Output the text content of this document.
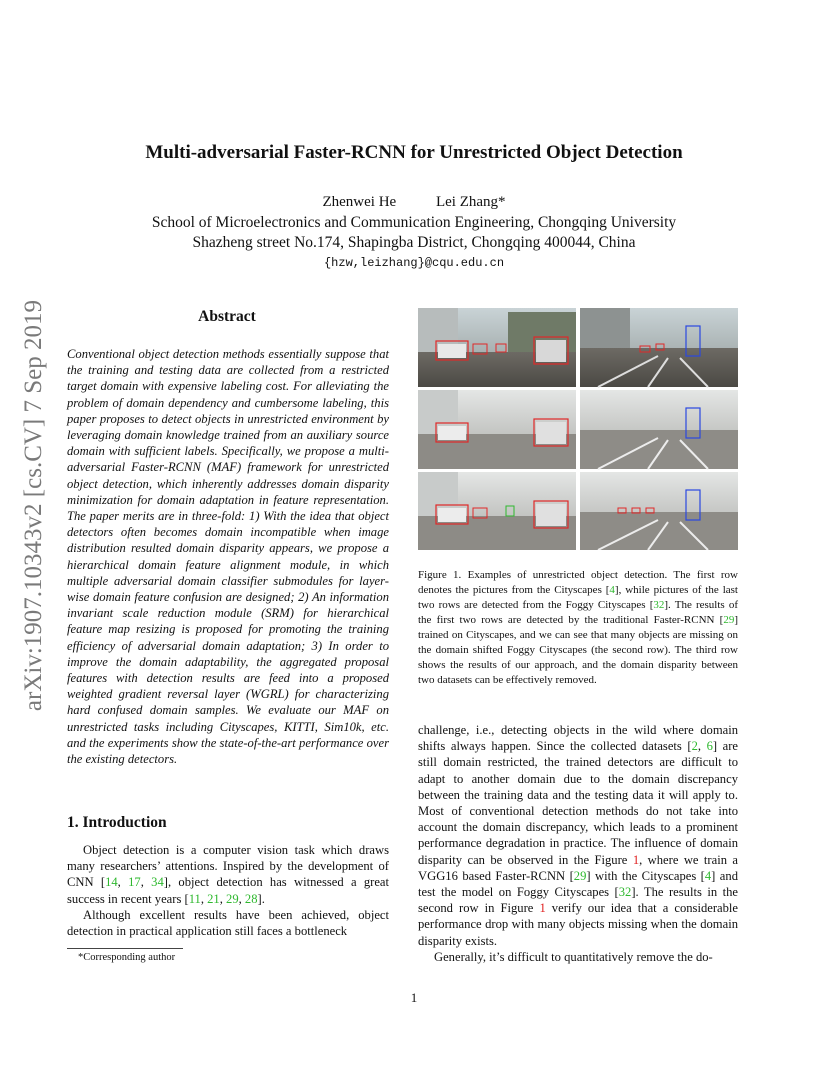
Multi-adversarial Faster-RCNN for Unrestricted Object Detection
Zhenwei He	Lei Zhang*
School of Microelectronics and Communication Engineering, Chongqing University
Shazheng street No.174, Shapingba District, Chongqing 400044, China
{hzw,leizhang}@cqu.edu.cn
arXiv:1907.10343v2 [cs.CV] 7 Sep 2019	Abstract
Conventional object detection methods essentially suppose that the training and testing data are collected from a restricted target domain with expensive labeling cost. For alleviating the problem of domain dependency and cumbersome labeling, this paper proposes to detect objects in unrestricted environment by leveraging domain knowledge trained from an auxiliary source domain with sufficient labels. Specifically, we propose a multi-adversarial Faster-RCNN (MAF) framework for unrestricted object detection, which inherently addresses domain disparity minimization for domain adaptation in feature representation. The paper merits are in three-fold: 1) With the idea that object detectors often becomes domain incompatible when image distribution resulted domain disparity appears, we propose a hierarchical domain feature alignment module, in which multiple adversarial domain classifier submodules for layer-wise domain feature confusion are designed; 2) An information invariant scale reduction module (SRM) for hierarchical feature map resizing is proposed for promoting the training efficiency of adversarial domain adaptation; 3) In order to improve the domain adaptability, the aggregated proposal features with detection results are feed into a proposed weighted gradient reversal layer (WGRL) for characterizing hard confused domain samples. We evaluate our MAF on unrestricted tasks including Cityscapes, KITTI, Sim10k, etc. and the experiments show the state-of-the-art performance over the existing detectors.
1. Introduction
Object detection is a computer vision task which draws many researchers’ attentions. Inspired by the development of CNN [14, 17, 34], object detection has witnessed a great success in recent years [11, 21, 29, 28].
Although excellent results have been achieved, object detection in practical application still faces a bottleneck
*Corresponding author
1
Figure 1. Examples of unrestricted object detection. The first row denotes the pictures from the Cityscapes [4], while pictures of the last two rows are detected from the Foggy Cityscapes [32]. The results of the first two rows are detected by the traditional Faster-RCNN [29] trained on Cityscapes, and we can see that many objects are missing on the domain shifted Foggy Cityscapes (the second row). The third row shows the results of our approach, and the domain disparity between two datasets can be effectively removed.
challenge, i.e., detecting objects in the wild where domain shifts always happen. Since the collected datasets [2, 6] are still domain restricted, the trained detectors are difficult to adapt to another domain due to the domain discrepancy between the training data and the testing data it will apply to. Most of conventional detection methods do not take into account the domain discrepancy, which leads to a prominent performance degradation in practice. The influence of domain disparity can be observed in the Figure 1, where we train a VGG16 based Faster-RCNN [29] with the Cityscapes [4] and test the model on Foggy Cityscapes [32]. The results in the second row in Figure 1 verify our idea that a considerable performance drop with many objects missing when the domain disparity exists.
Generally, it’s difficult to quantitatively remove the do-
